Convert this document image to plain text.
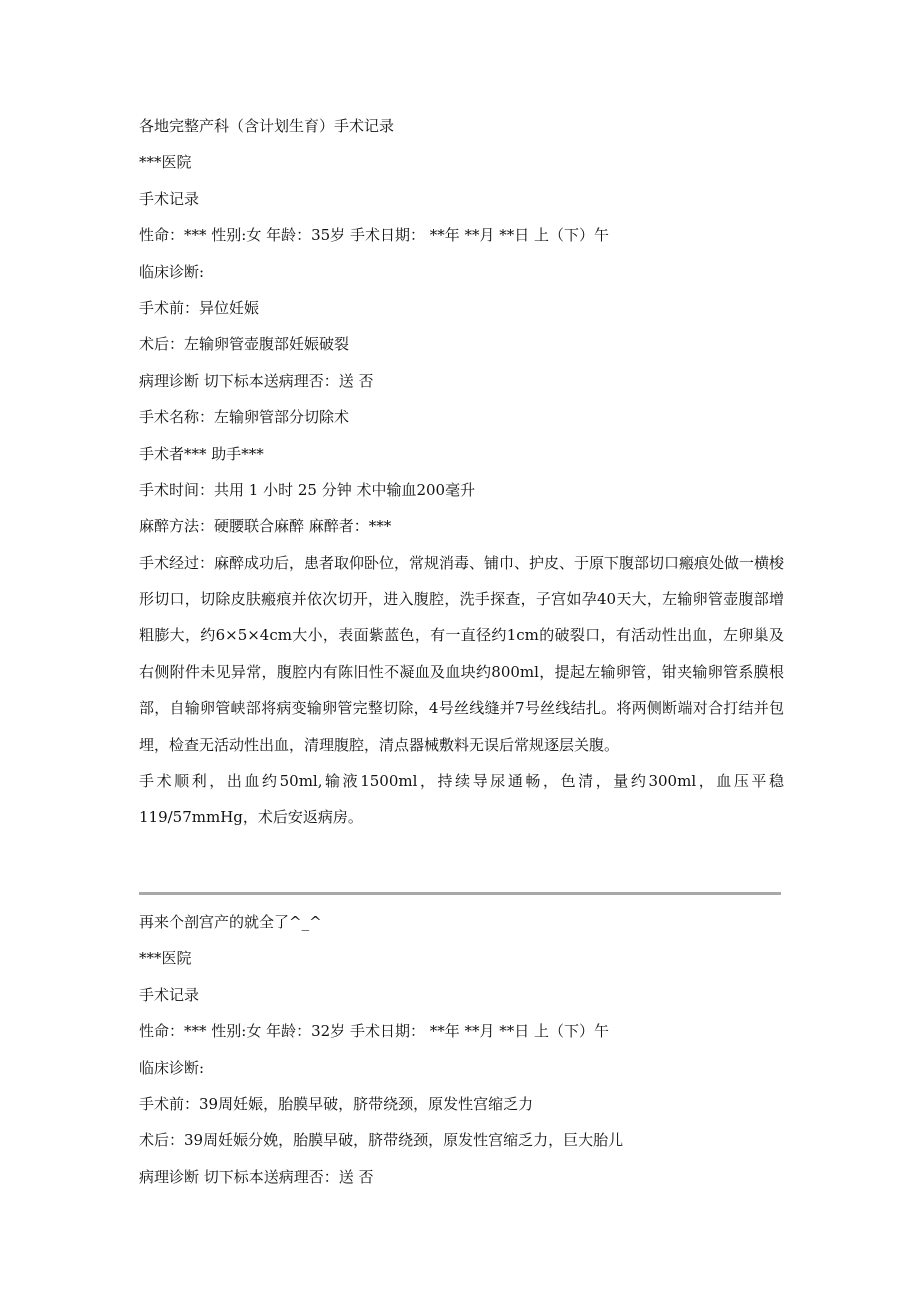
各地完整产科（含计划生育）手术记录
***医院
手术记录
性命：*** 性别:女 年龄：35岁 手术日期： **年 **月 **日 上（下）午
临床诊断:
手术前：异位妊娠
术后：左输卵管壶腹部妊娠破裂
病理诊断 切下标本送病理否：送 否
手术名称：左输卵管部分切除术
手术者*** 助手***
手术时间：共用 1 小时 25 分钟 术中输血200毫升
麻醉方法：硬腰联合麻醉 麻醉者：***

手术经过：麻醉成功后，患者取仰卧位，常规消毒、铺巾、护皮、于原下腹部切口瘢痕处做一横梭形切口，切除皮肤瘢痕并依次切开，进入腹腔，洗手探查，子宫如孕40天大，左输卵管壶腹部增粗膨大，约6×5×4cm大小，表面紫蓝色，有一直径约1cm的破裂口，有活动性出血，左卵巢及右侧附件未见异常，腹腔内有陈旧性不凝血及血块约800ml，提起左输卵管，钳夹输卵管系膜根部，自输卵管峡部将病变输卵管完整切除，4号丝线缝并7号丝线结扎。将两侧断端对合打结并包埋，检查无活动性出血，清理腹腔，清点器械敷料无误后常规逐层关腹。

手术顺利，出血约50ml,输液1500ml，持续导尿通畅，色清，量约300ml，血压平稳119/57mmHg，术后安返病房。

再来个剖宫产的就全了^_^
***医院
手术记录
性命：*** 性别:女 年龄：32岁 手术日期： **年 **月 **日 上（下）午
临床诊断:
手术前：39周妊娠，胎膜早破，脐带绕颈，原发性宫缩乏力
术后：39周妊娠分娩，胎膜早破，脐带绕颈，原发性宫缩乏力，巨大胎儿
病理诊断 切下标本送病理否：送 否
